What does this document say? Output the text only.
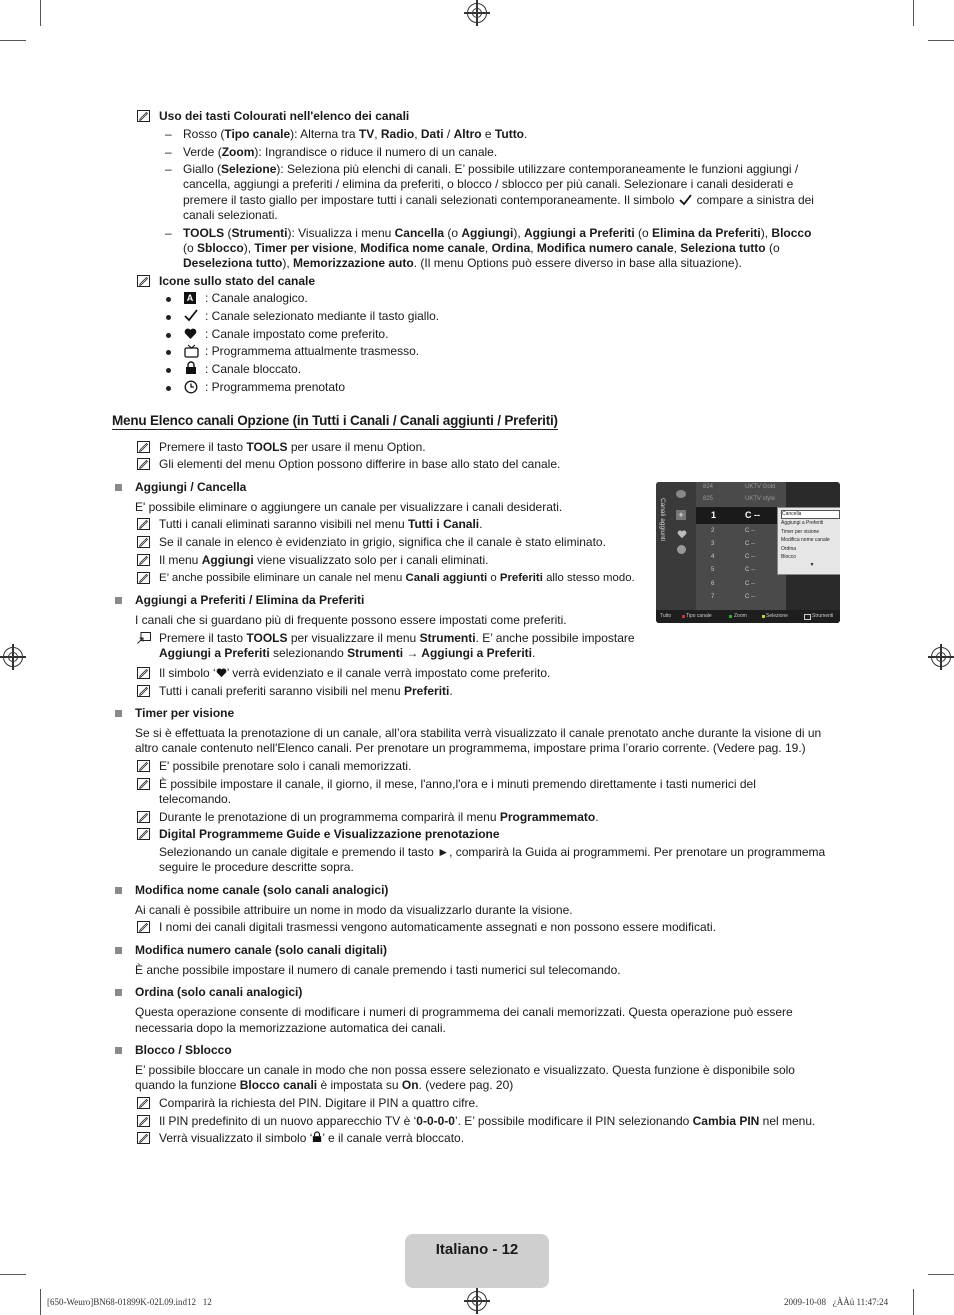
Uso dei tasti Colourati nell'elenco dei canali
– Rosso (Tipo canale): Alterna tra TV, Radio, Dati / Altro e Tutto.
– Verde (Zoom): Ingrandisce o riduce il numero di un canale.
– Giallo (Selezione): Seleziona più elenchi di canali. E’ possibile utilizzare contemporaneamente le funzioni aggiungi /
cancella, aggiungi a preferiti / elimina da preferiti, o blocco / sblocco per più canali. Selezionare i canali desiderati e
premere il tasto giallo per impostare tutti i canali selezionati contemporaneamente. Il simbolo compare a sinistra dei
canali selezionati.
– TOOLS (Strumenti): Visualizza i menu Cancella (o Aggiungi), Aggiungi a Preferiti (o Elimina da Preferiti), Blocco
(o Sblocco), Timer per visione, Modifica nome canale, Ordina, Modifica numero canale, Seleziona tutto (o
Deseleziona tutto), Memorizzazione auto. (Il menu Options può essere diverso in base alla situazione).
Icone sullo stato del canale
A : Canale analogico.
: Canale selezionato mediante il tasto giallo.
: Canale impostato come preferito.
: Programmema attualmente trasmesso.
: Canale bloccato.
: Programmema prenotato
Menu Elenco canali Opzione (in Tutti i Canali / Canali aggiunti / Preferiti)
Premere il tasto TOOLS per usare il menu Option.
Gli elementi del menu Option possono differire in base allo stato del canale.
Aggiungi / Cancella
E' possibile eliminare o aggiungere un canale per visualizzare i canali desiderati.
Tutti i canali eliminati saranno visibili nel menu Tutti i Canali.
Se il canale in elenco è evidenziato in grigio, significa che il canale è stato eliminato.
Il menu Aggiungi viene visualizzato solo per i canali eliminati.
E’ anche possibile eliminare un canale nel menu Canali aggiunti o Preferiti allo stesso modo.
Aggiungi a Preferiti / Elimina da Preferiti
I canali che si guardano più di frequente possono essere impostati come preferiti.
Premere il tasto TOOLS per visualizzare il menu Strumenti. E’ anche possibile impostare
Aggiungi a Preferiti selezionando Strumenti → Aggiungi a Preferiti.
Il simbolo ‘ ’ verrà evidenziato e il canale verrà impostato come preferito.
Tutti i canali preferiti saranno visibili nel menu Preferiti.
Timer per visione
Se si è effettuata la prenotazione di un canale, all’ora stabilita verrà visualizzato il canale prenotato anche durante la visione di un
altro canale contenuto nell'Elenco canali. Per prenotare un programmema, impostare prima l’orario corrente. (Vedere pag. 19.)
E' possibile prenotare solo i canali memorizzati.
È possibile impostare il canale, il giorno, il mese, l'anno,l'ora e i minuti premendo direttamente i tasti numerici del
telecomando.
Durante le prenotazione di un programmema comparirà il menu Programmemato.
Digital Programmeme Guide e Visualizzazione prenotazione
Selezionando un canale digitale e premendo il tasto ►, comparirà la Guida ai programmemi. Per prenotare un programmema
seguire le procedure descritte sopra.
Modifica nome canale (solo canali analogici)
Ai canali è possibile attribuire un nome in modo da visualizzarlo durante la visione.
I nomi dei canali digitali trasmessi vengono automaticamente assegnati e non possono essere modificati.
Modifica numero canale (solo canali digitali)
È anche possibile impostare il numero di canale premendo i tasti numerici sul telecomando.
Ordina (solo canali analogici)
Questa operazione consente di modificare i numeri di programmema dei canali memorizzati. Questa operazione può essere
necessaria dopo la memorizzazione automatica dei canali.
Blocco / Sblocco
E’ possibile bloccare un canale in modo che non possa essere selezionato e visualizzato. Questa funzione è disponibile solo
quando la funzione Blocco canali è impostata su On. (vedere pag. 20)
Comparirà la richiesta del PIN. Digitare il PIN a quattro cifre.
Il PIN predefinito di un nuovo apparecchio TV è ‘0-0-0-0’. E’ possibile modificare il PIN selezionando Cambia PIN nel menu.
Verrà visualizzato il simbolo ‘ ’ e il canale verrà bloccato.
Canali aggiunti +
824	UKTV Gold
825	UKTV style
1	C --
2	C --
3	C --
4	C --
5	C --
6	C --
7	C --
Cancella
Aggiungi a Preferiti
Timer per visione
Modifica nome canale
Ordina
Blocco
▼
Tutto	Tipo canale	Zoom	Selezione	Strumenti
Italiano - 12
[650-Weuro]BN68-01899K-02L09.ind12   12	2009-10-08   ¿ÀÀü 11:47:24
